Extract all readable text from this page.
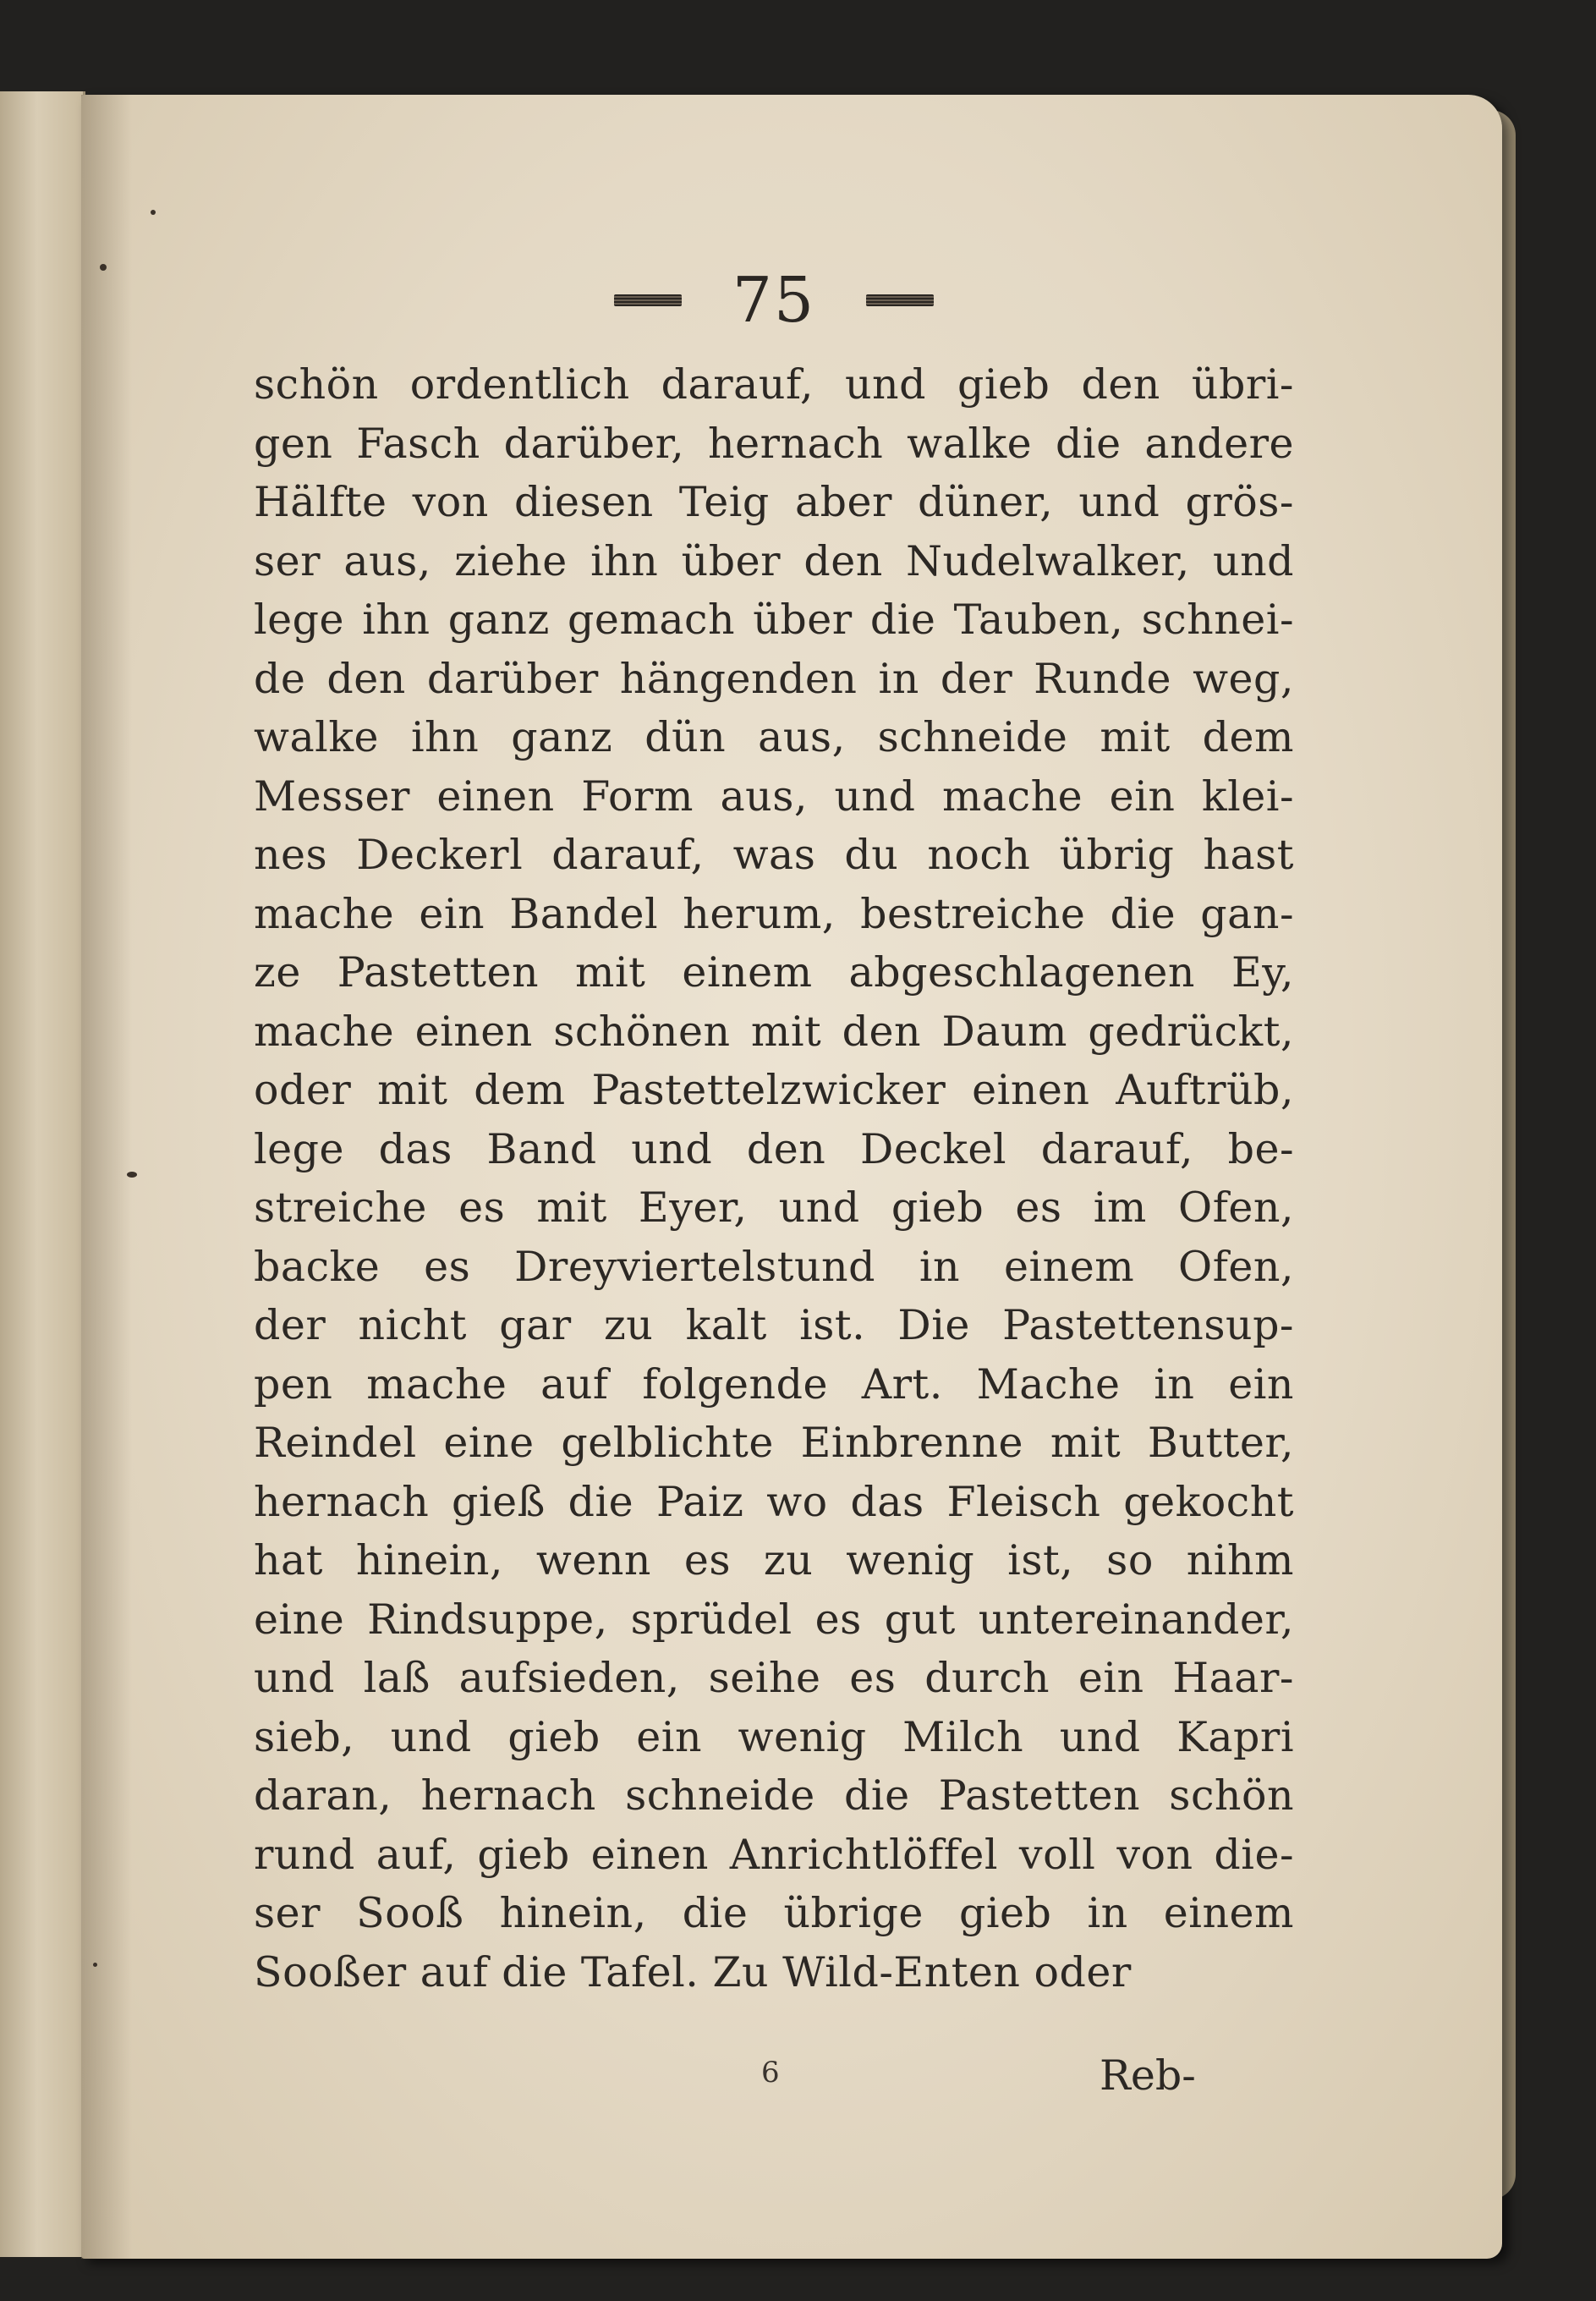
75
schön ordentlich darauf, und gieb den übri-
gen Fasch darüber, hernach walke die andere
Hälfte von diesen Teig aber düner, und grös-
ser aus, ziehe ihn über den Nudelwalker, und
lege ihn ganz gemach über die Tauben, schnei-
de den darüber hängenden in der Runde weg,
walke ihn ganz dün aus, schneide mit dem
Messer einen Form aus, und mache ein klei-
nes Deckerl darauf, was du noch übrig hast
mache ein Bandel herum, bestreiche die gan-
ze Pastetten mit einem abgeschlagenen Ey,
mache einen schönen mit den Daum gedrückt,
oder mit dem Pastettelzwicker einen Auftrüb,
lege das Band und den Deckel darauf, be-
streiche es mit Eyer, und gieb es im Ofen,
backe es Dreyviertelstund in einem Ofen,
der nicht gar zu kalt ist. Die Pastettensup-
pen mache auf folgende Art. Mache in ein
Reindel eine gelblichte Einbrenne mit Butter,
hernach gieß die Paiz wo das Fleisch gekocht
hat hinein, wenn es zu wenig ist, so nihm
eine Rindsuppe, sprüdel es gut untereinander,
und laß aufsieden, seihe es durch ein Haar-
sieb, und gieb ein wenig Milch und Kapri
daran, hernach schneide die Pastetten schön
rund auf, gieb einen Anrichtlöffel voll von die-
ser Sooß hinein, die übrige gieb in einem
Sooßer auf die Tafel. Zu Wild-Enten oder
6	Reb-
